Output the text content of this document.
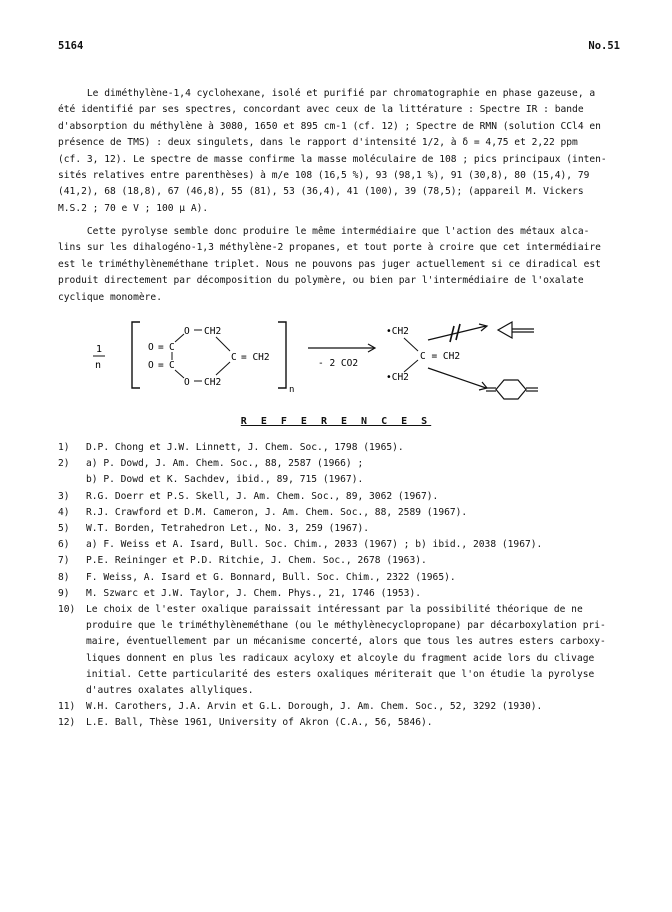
5164	No.51
Le diméthylène-1,4 cyclohexane, isolé et purifié par chromatographie en phase gazeuse, a
été identifié par ses spectres, concordant avec ceux de la littérature : Spectre IR : bande
d'absorption du méthylène à 3080, 1650 et 895 cm-1 (cf. 12) ; Spectre de RMN (solution CCl4 en
présence de TMS) : deux singulets, dans le rapport d'intensité 1/2, à δ = 4,75 et 2,22 ppm
(cf. 3, 12). Le spectre de masse confirme la masse moléculaire de 108 ; pics principaux (inten-
sités relatives entre parenthèses) à m/e 108 (16,5 %), 93 (98,1 %), 91 (30,8), 80 (15,4), 79
(41,2), 68 (18,8), 67 (46,8), 55 (81), 53 (36,4), 41 (100), 39 (78,5); (appareil M. Vickers
M.S.2 ; 70 e V ; 100 μ A).
Cette pyrolyse semble donc produire le même intermédiaire que l'action des métaux alca-
lins sur les dihalogéno-1,3 méthylène-2 propanes, et tout porte à croire que cet intermédiaire
est le triméthylèneméthane triplet. Nous ne pouvons pas juger actuellement si ce diradical est
produit directement par décomposition du polymère, ou bien par l'intermédiaire de l'oxalate
cyclique monomère.
1
n
n
O = C
O = C
O
O
CH2
CH2
C = CH2
- 2 CO2
•CH2
•CH2
C = CH2
R E F E R E N C E S
1)	D.P. Chong et J.W. Linnett, J. Chem. Soc., 1798 (1965).
2)	a) P. Dowd, J. Am. Chem. Soc., 88, 2587 (1966) ;
b) P. Dowd et K. Sachdev, ibid., 89, 715 (1967).
3)	R.G. Doerr et P.S. Skell, J. Am. Chem. Soc., 89, 3062 (1967).
4)	R.J. Crawford et D.M. Cameron, J. Am. Chem. Soc., 88, 2589 (1967).
5)	W.T. Borden, Tetrahedron Let., No. 3, 259 (1967).
6)	a) F. Weiss et A. Isard, Bull. Soc. Chim., 2033 (1967) ; b) ibid., 2038 (1967).
7)	P.E. Reininger et P.D. Ritchie, J. Chem. Soc., 2678 (1963).
8)	F. Weiss, A. Isard et G. Bonnard, Bull. Soc. Chim., 2322 (1965).
9)	M. Szwarc et J.W. Taylor, J. Chem. Phys., 21, 1746 (1953).
10)	Le choix de l'ester oxalique paraissait intéressant par la possibilité théorique de ne
produire que le triméthylèneméthane (ou le méthylènecyclopropane) par décarboxylation pri-
maire, éventuellement par un mécanisme concerté, alors que tous les autres esters carboxy-
liques donnent en plus les radicaux acyloxy et alcoyle du fragment acide lors du clivage
initial. Cette particularité des esters oxaliques mériterait que l'on étudie la pyrolyse
d'autres oxalates allyliques.
11)	W.H. Carothers, J.A. Arvin et G.L. Dorough, J. Am. Chem. Soc., 52, 3292 (1930).
12)	L.E. Ball, Thèse 1961, University of Akron (C.A., 56, 5846).
